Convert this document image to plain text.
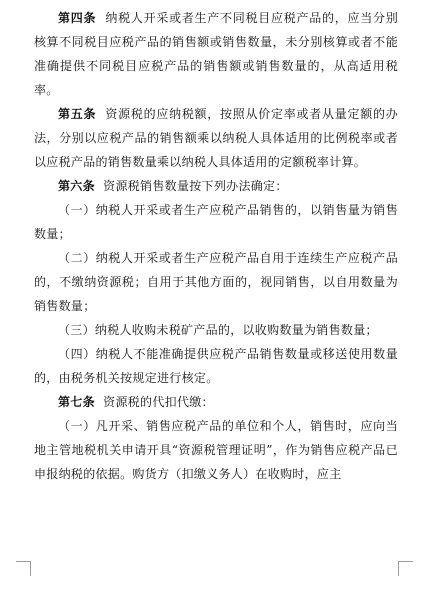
第四条 纳税人开采或者生产不同税目应税产品的，应当分别核算不同税目应税产品的销售额或销售数量，未分别核算或者不能准确提供不同税目应税产品的销售额或销售数量的，从高适用税率。

第五条 资源税的应纳税额，按照从价定率或者从量定额的办法，分别以应税产品的销售额乘以纳税人具体适用的比例税率或者以应税产品的销售数量乘以纳税人具体适用的定额税率计算。

第六条 资源税销售数量按下列办法确定：

（一）纳税人开采或者生产应税产品销售的，以销售量为销售数量；

（二）纳税人开采或者生产应税产品自用于连续生产应税产品的，不缴纳资源税；自用于其他方面的，视同销售，以自用数量为销售数量；

（三）纳税人收购未税矿产品的，以收购数量为销售数量；

（四）纳税人不能准确提供应税产品销售数量或移送使用数量的，由税务机关按规定进行核定。

第七条 资源税的代扣代缴：

（一）凡开采、销售应税产品的单位和个人，销售时，应向当地主管地税机关申请开具“资源税管理证明”，作为销售应税产品已申报纳税的依据。购货方（扣缴义务人）在收购时，应主
